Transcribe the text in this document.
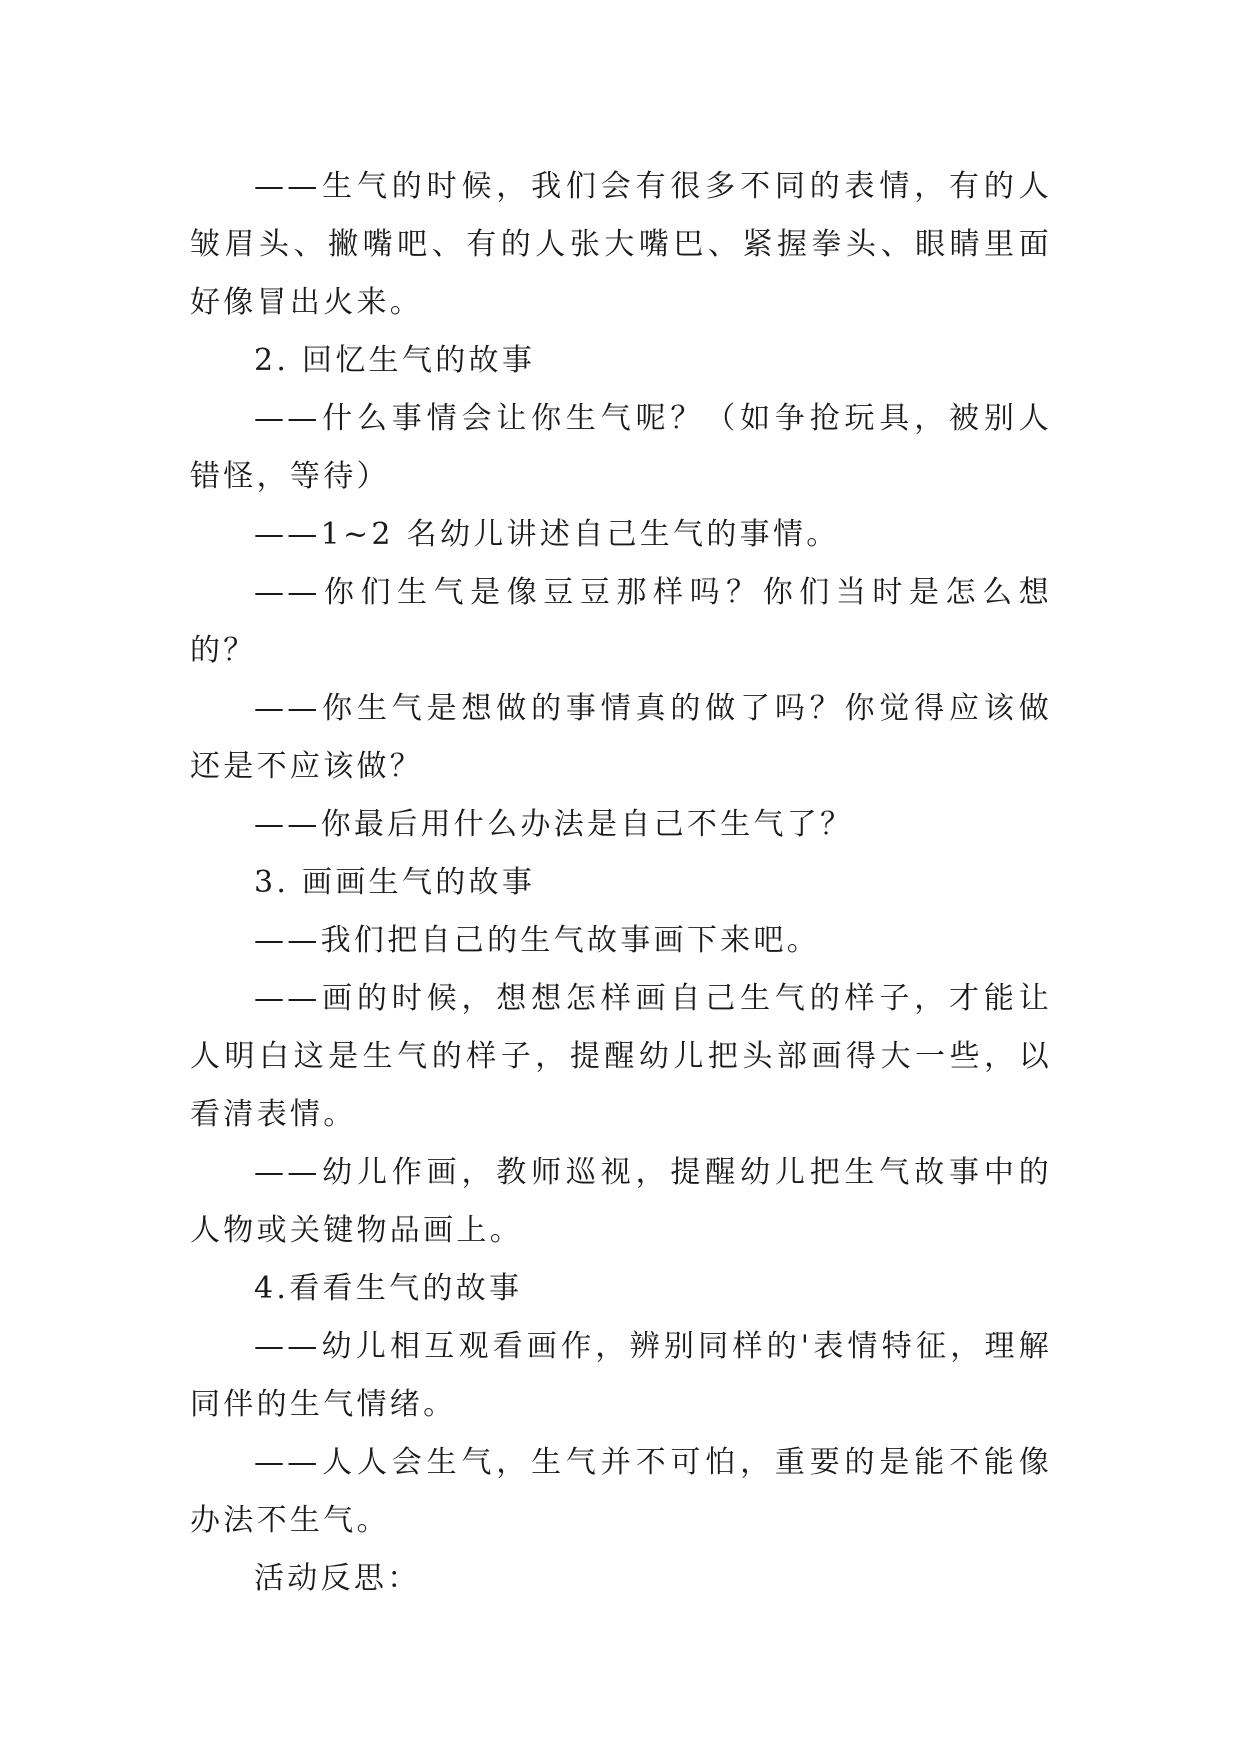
——生气的时候，我们会有很多不同的表情，有的人皱眉头、撇嘴吧、有的人张大嘴巴、紧握拳头、眼睛里面好像冒出火来。

2. 回忆生气的故事

——什么事情会让你生气呢？（如争抢玩具，被别人错怪，等待）

——1~2 名幼儿讲述自己生气的事情。

——你们生气是像豆豆那样吗？你们当时是怎么想的？

——你生气是想做的事情真的做了吗？你觉得应该做还是不应该做？

——你最后用什么办法是自己不生气了？

3. 画画生气的故事

——我们把自己的生气故事画下来吧。

——画的时候，想想怎样画自己生气的样子，才能让人明白这是生气的样子，提醒幼儿把头部画得大一些，以看清表情。

——幼儿作画，教师巡视，提醒幼儿把生气故事中的人物或关键物品画上。

4.看看生气的故事

——幼儿相互观看画作，辨别同样的'表情特征，理解同伴的生气情绪。

——人人会生气，生气并不可怕，重要的是能不能像办法不生气。

活动反思：
